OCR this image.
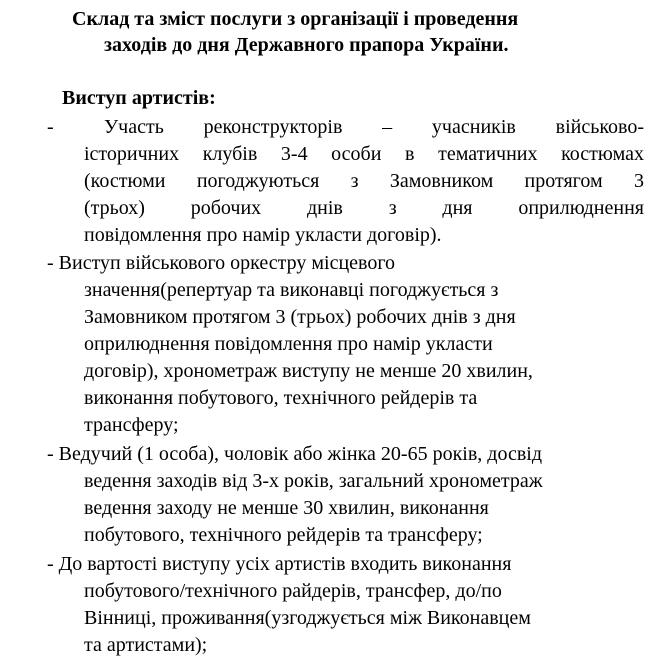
Склад та зміст послуги з організації і проведення
заходів до дня Державного прапора України.
Виступ артистів:
-	Участь реконструкторів – учасників військово-
історичних клубів 3-4 особи в тематичних костюмах
(костюми погоджуються з Замовником протягом 3
(трьох) робочих днів з дня оприлюднення
повідомлення про намір укласти договір).
- Виступ військового оркестру місцевого
значення(репертуар та виконавці погоджується з
Замовником протягом 3 (трьох) робочих днів з дня
оприлюднення повідомлення про намір укласти
договір), хронометраж виступу не менше 20 хвилин,
виконання побутового, технічного рейдерів та
трансферу;
- Ведучий (1 особа), чоловік або жінка 20-65 років, досвід
ведення заходів від 3-х років, загальний хронометраж
ведення заходу не менше 30 хвилин, виконання
побутового, технічного рейдерів та трансферу;
- До вартості виступу усіх артистів входить виконання
побутового/технічного райдерів, трансфер, до/по
Вінниці, проживання(узгоджується між Виконавцем
та артистами);
